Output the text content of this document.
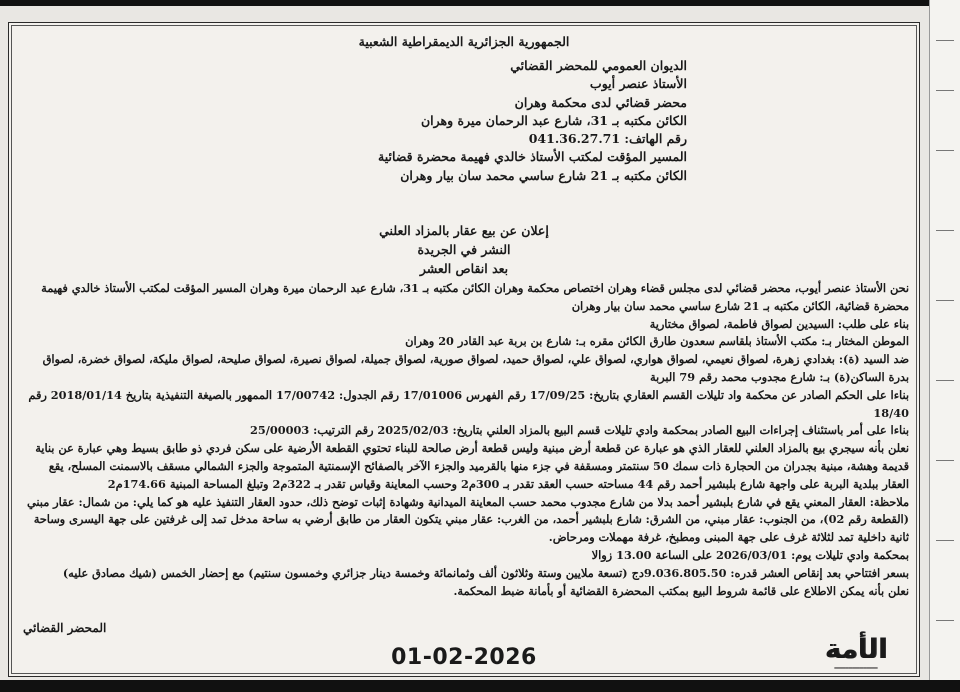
الجمهورية الجزائرية الديمقراطية الشعبية
الديوان العمومي للمحضر القضائي
الأستاذ عنصر أيوب
محضر قضائي لدى محكمة وهران
الكائن مكتبه بـ 31، شارع عبد الرحمان ميرة وهران
رقم الهاتف: 041.36.27.71
المسير المؤقت لمكتب الأستاذ خالدي فهيمة محضرة قضائية
الكائن مكتبه بـ 21 شارع ساسي محمد سان بيار وهران
إعلان عن بيع عقار بالمزاد العلني
النشر في الجريدة
بعد انقاص العشر

نحن الأستاذ عنصر أيوب، محضر قضائي لدى مجلس قضاء وهران اختصاص محكمة وهران الكائن مكتبه بـ 31، شارع عبد الرحمان ميرة وهران المسير المؤقت لمكتب الأستاذ خالدي فهيمة محضرة قضائية، الكائن مكتبه بـ 21 شارع ساسي محمد سان بيار وهران

بناء على طلب: السيدين لصواق فاطمة، لصواق مختارية

الموطن المختار بـ: مكتب الأستاذ بلقاسم سعدون طارق الكائن مقره بـ: شارع بن بربة عبد القادر 20 وهران

ضد السيد (ة): بغدادي زهرة، لصواق نعيمي، لصواق هواري، لصواق علي، لصواق حميد، لصواق صورية، لصواق جميلة، لصواق نصيرة، لصواق صليحة، لصواق مليكة، لصواق خضرة، لصواق بدرة الساكن(ة) بـ: شارع مجدوب محمد رقم 79 البربة

بناءا على الحكم الصادر عن محكمة واد تليلات القسم العقاري بتاريخ: 17/09/25 رقم الفهرس 17/01006 رقم الجدول: 17/00742 الممهور بالصيغة التنفيذية بتاريخ 2018/01/14 رقم 18/40

بناءا على أمر باستئناف إجراءات البيع الصادر بمحكمة وادي تليلات قسم البيع بالمزاد العلني بتاريخ: 2025/02/03 رقم الترتيب: 25/00003

نعلن بأنه سيجري بيع بالمزاد العلني للعقار الذي هو عبارة عن قطعة أرض مبنية وليس قطعة أرض صالحة للبناء تحتوي القطعة الأرضية على سكن فردي ذو طابق بسيط وهي عبارة عن بناية قديمة وهشة، مبنية بجدران من الحجارة ذات سمك 50 سنتمتر ومسقفة في جزء منها بالقرميد والجزء الآخر بالصفائح الإسمنتية المتموجة والجزء الشمالي مسقف بالاسمنت المسلح، يقع العقار ببلدية البربة على واجهة شارع بلبشير أحمد رقم 44 مساحته حسب العقد تقدر بـ 300م2 وحسب المعاينة وقياس تقدر بـ 322م2 وتبلغ المساحة المبنية 174.66م2

ملاحظة: العقار المعني يقع في شارع بلبشير أحمد بدلا من شارع مجدوب محمد حسب المعاينة الميدانية وشهادة إثبات توضح ذلك، حدود العقار التنفيذ عليه هو كما يلي: من شمال: عقار مبني (القطعة رقم 02)، من الجنوب: عقار مبني، من الشرق: شارع بلبشير أحمد، من الغرب: عقار مبني يتكون العقار من طابق أرضي به ساحة مدخل تمد إلى غرفتين على جهة اليسرى وساحة ثانية داخلية تمد لثلاثة غرف على جهة المبنى ومطبخ، غرفة مهملات ومرحاض.

بمحكمة وادي تليلات يوم: 2026/03/01 على الساعة 13.00 زوالا

بسعر افتتاحي بعد إنقاص العشر قدره: 9.036.805.50دج (تسعة ملايين وستة وثلاثون ألف وثمانمائة وخمسة دينار جزائري وخمسون سنتيم) مع إحضار الخمس (شيك مصادق عليه)

نعلن بأنه يمكن الاطلاع على قائمة شروط البيع بمكتب المحضرة القضائية أو بأمانة ضبط المحكمة.

المحضر القضائي
01-02-2026	الأمة
━━━━━━━━━━━━
